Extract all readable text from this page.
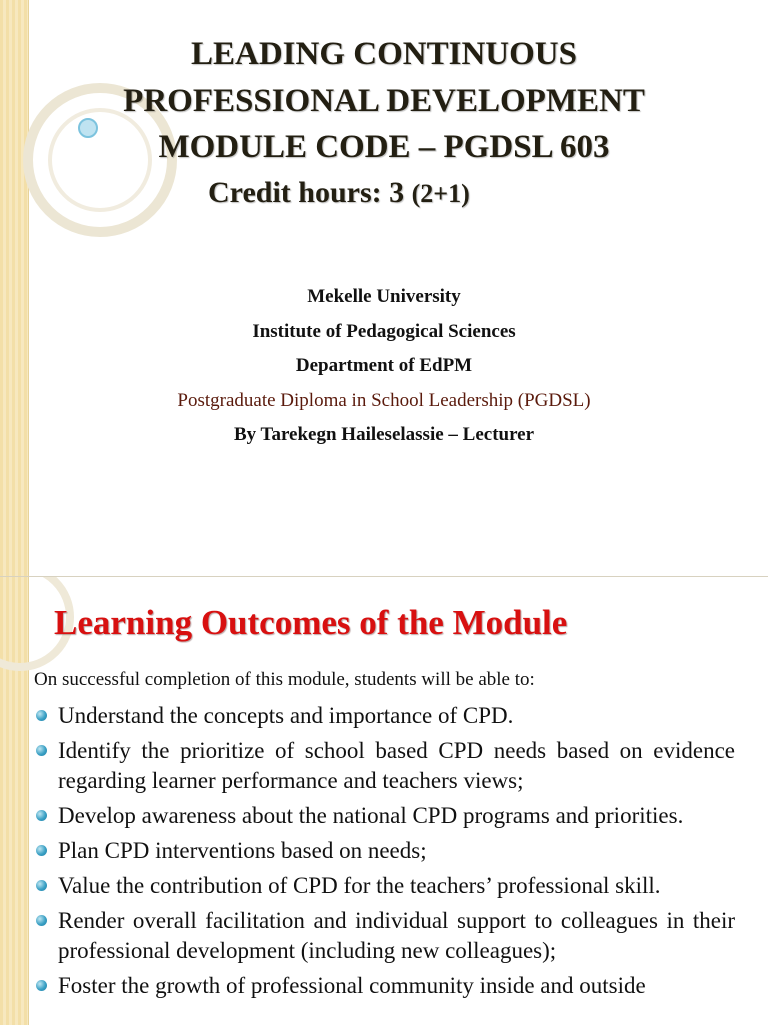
LEADING CONTINUOUS
PROFESSIONAL DEVELOPMENT
MODULE CODE – PGDSL 603
Credit hours: 3 (2+1)
Mekelle University
Institute of Pedagogical Sciences
Department of EdPM
Postgraduate Diploma in School Leadership (PGDSL)
By Tarekegn Haileselassie – Lecturer
Learning Outcomes of the Module
On successful completion of this module, students will be able to:
Understand the concepts and importance of CPD.
Identify the prioritize of school based CPD needs based on evidence regarding learner performance and teachers views;
Develop awareness about the national CPD programs and priorities.
Plan CPD interventions based on needs;
Value the contribution of CPD for the teachers’ professional skill.
Render overall facilitation and individual support to colleagues in their professional development (including new colleagues);
Foster the growth of professional community inside and outside
